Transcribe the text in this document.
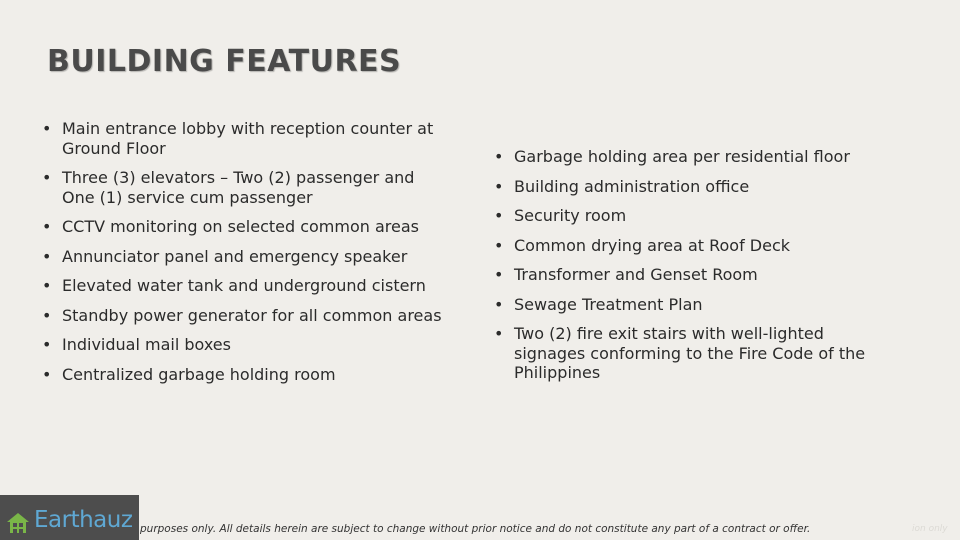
BUILDING FEATURES
• Main entrance lobby with reception counter at Ground Floor
• Three (3) elevators – Two (2) passenger and One (1) service cum passenger
• CCTV monitoring on selected common areas
• Annunciator panel and emergency speaker
• Elevated water tank and underground cistern
• Standby power generator for all common areas
• Individual mail boxes
• Centralized garbage holding room
• Garbage holding area per residential floor
• Building administration office
• Security room
• Common drying area at Roof Deck
• Transformer and Genset Room
• Sewage Treatment Plan
• Two (2) fire exit stairs with well-lighted signages conforming to the Fire Code of the Philippines
Earthauz purposes only. All details herein are subject to change without prior notice and do not constitute any part of a contract or offer.	ion only
